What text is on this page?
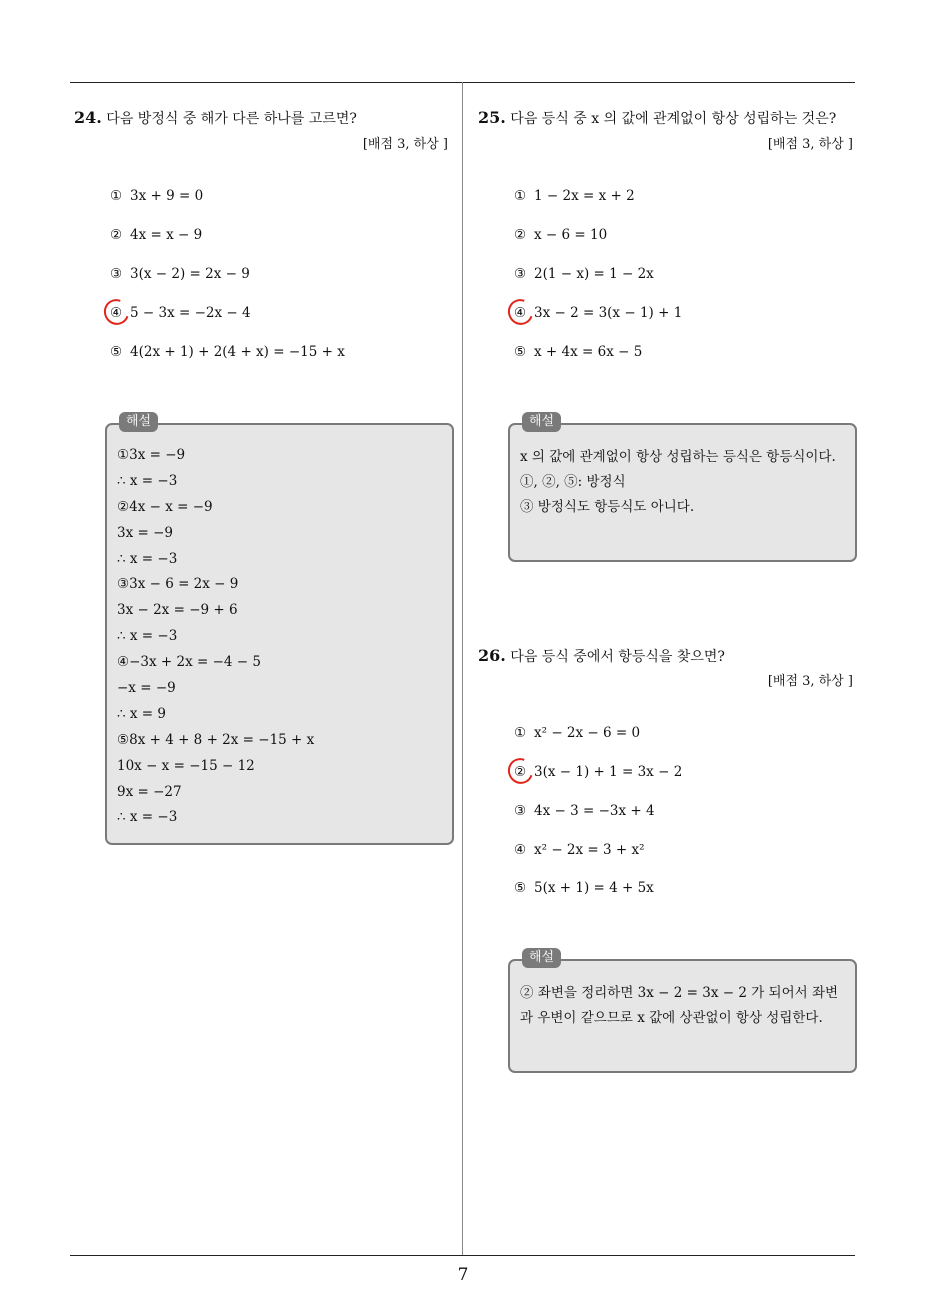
7
24. 다음 방정식 중 해가 다른 하나를 고르면?
[배점 3, 하상 ]
① 3x + 9 = 0
② 4x = x − 9
③ 3(x − 2) = 2x − 9
④ 5 − 3x = −2x − 4
⑤ 4(2x + 1) + 2(4 + x) = −15 + x
해설
①3x = −9
∴ x = −3
②4x − x = −9
3x = −9
∴ x = −3
③3x − 6 = 2x − 9
3x − 2x = −9 + 6
∴ x = −3
④−3x + 2x = −4 − 5
−x = −9
∴ x = 9
⑤8x + 4 + 8 + 2x = −15 + x
10x − x = −15 − 12
9x = −27
∴ x = −3
25. 다음 등식 중 x 의 값에 관계없이 항상 성립하는 것은?
[배점 3, 하상 ]
① 1 − 2x = x + 2
② x − 6 = 10
③ 2(1 − x) = 1 − 2x
④ 3x − 2 = 3(x − 1) + 1
⑤ x + 4x = 6x − 5
해설
x 의 값에 관계없이 항상 성립하는 등식은 항등식이다.
①, ②, ⑤: 방정식
③ 방정식도 항등식도 아니다.
26. 다음 등식 중에서 항등식을 찾으면?
[배점 3, 하상 ]
① x² − 2x − 6 = 0
② 3(x − 1) + 1 = 3x − 2
③ 4x − 3 = −3x + 4
④ x² − 2x = 3 + x²
⑤ 5(x + 1) = 4 + 5x
해설
② 좌변을 정리하면 3x − 2 = 3x − 2 가 되어서 좌변과 우변이 같으므로 x 값에 상관없이 항상 성립한다.
